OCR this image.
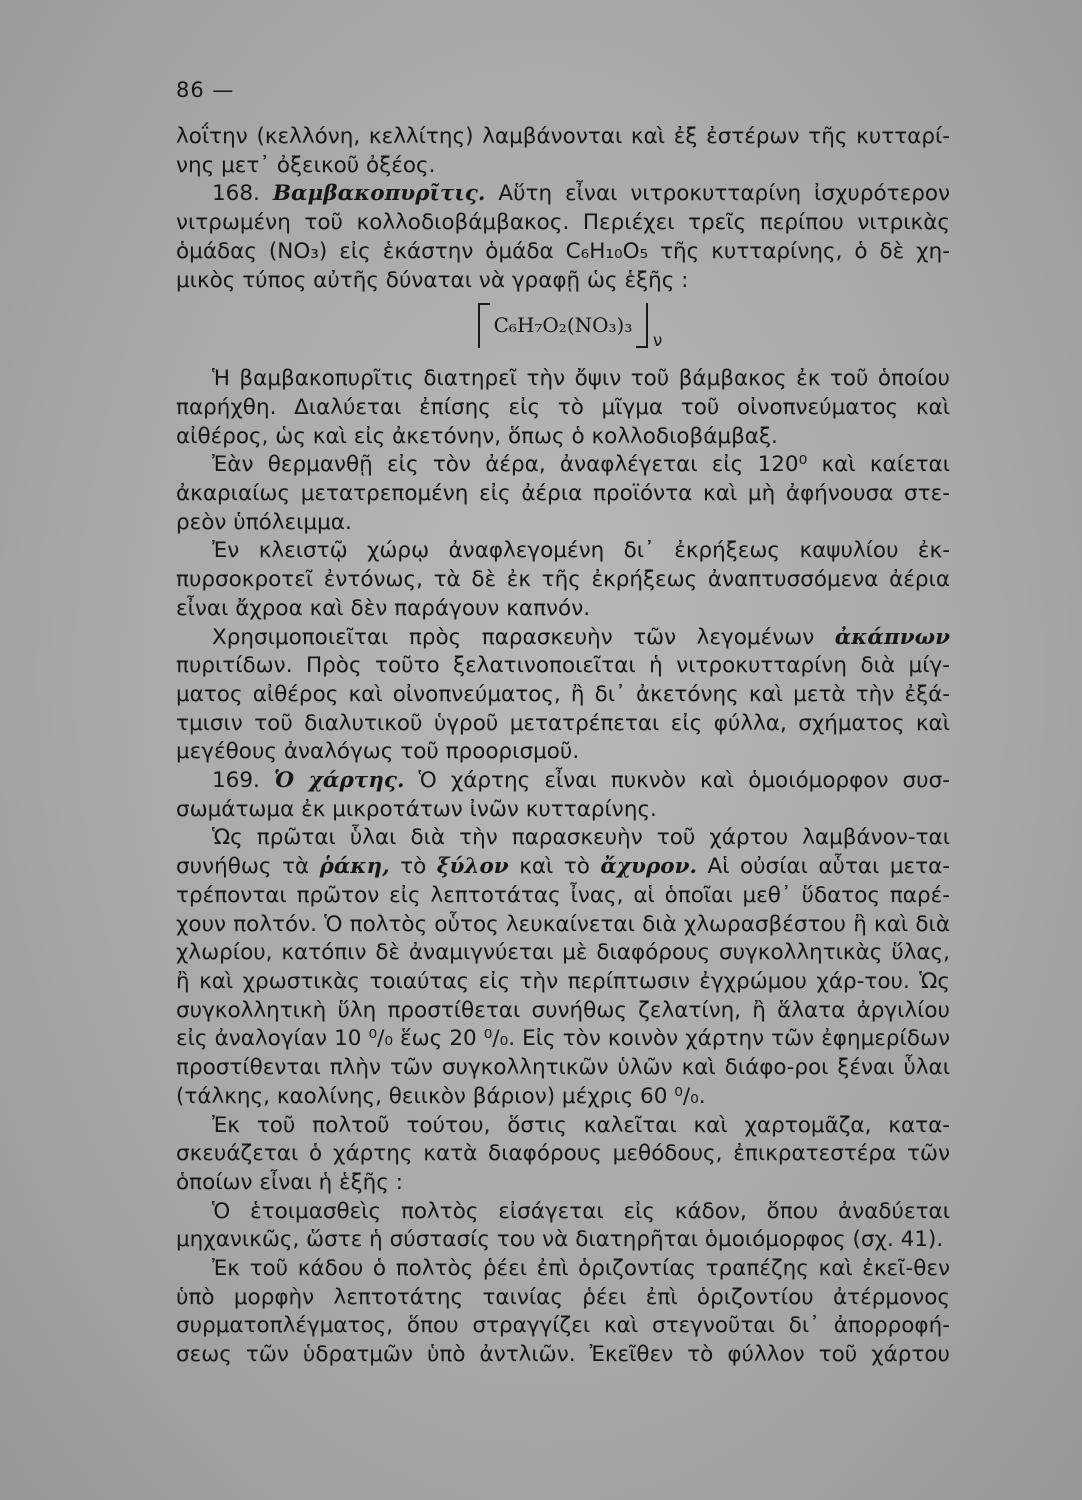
86 —

λοΐτην (κελλόνη, κελλίτης) λαμβάνονται καὶ ἐξ ἐστέρων τῆς κυτταρί-νης μετ᾽ ὀξεικοῦ ὀξέος.

168. Βαμβακοπυρῖτις. Αὕτη εἶναι νιτροκυτταρίνη ἰσχυρότερον νιτρωμένη τοῦ κολλοδιοβάμβακος. Περιέχει τρεῖς περίπου νιτρικὰς ὁμάδας (NO₃) εἰς ἑκάστην ὁμάδα C₆H₁₀O₅ τῆς κυτταρίνης, ὁ δὲ χη-μικὸς τύπος αὐτῆς δύναται νὰ γραφῇ ὡς ἑξῆς :

C₆H₇O₂(NO₃)₃
ν

Ἡ βαμβακοπυρῖτις διατηρεῖ τὴν ὄψιν τοῦ βάμβακος ἐκ τοῦ ὁποίου παρήχθη. Διαλύεται ἐπίσης εἰς τὸ μῖγμα τοῦ οἰνοπνεύματος καὶ αἰθέρος, ὡς καὶ εἰς ἀκετόνην, ὅπως ὁ κολλοδιοβάμβαξ.

Ἐὰν θερμανθῇ εἰς τὸν ἀέρα, ἀναφλέγεται εἰς 120⁰ καὶ καίεται ἀκαριαίως μετατρεπομένη εἰς ἀέρια προϊόντα καὶ μὴ ἀφήνουσα στε-ρεὸν ὑπόλειμμα.

Ἐν κλειστῷ χώρῳ ἀναφλεγομένη δι᾽ ἐκρήξεως καψυλίου ἐκ-πυρσοκροτεῖ ἐντόνως, τὰ δὲ ἐκ τῆς ἐκρήξεως ἀναπτυσσόμενα ἀέρια εἶναι ἄχροα καὶ δὲν παράγουν καπνόν.

Χρησιμοποιεῖται πρὸς παρασκευὴν τῶν λεγομένων ἀκάπνων πυριτίδων. Πρὸς τοῦτο ξελατινοποιεῖται ἡ νιτροκυτταρίνη διὰ μίγ-ματος αἰθέρος καὶ οἰνοπνεύματος, ἢ δι᾽ ἀκετόνης καὶ μετὰ τὴν ἐξά-τμισιν τοῦ διαλυτικοῦ ὑγροῦ μετατρέπεται εἰς φύλλα, σχήματος καὶ μεγέθους ἀναλόγως τοῦ προορισμοῦ.

169. Ὁ χάρτης. Ὁ χάρτης εἶναι πυκνὸν καὶ ὁμοιόμορφον συσ-σωμάτωμα ἐκ μικροτάτων ἰνῶν κυτταρίνης.

Ὡς πρῶται ὗλαι διὰ τὴν παρασκευὴν τοῦ χάρτου λαμβάνον-ται συνήθως τὰ ῥάκη, τὸ ξύλον καὶ τὸ ἄχυρον. Αἱ οὐσίαι αὗται μετα-τρέπονται πρῶτον εἰς λεπτοτάτας ἶνας, αἱ ὁποῖαι μεθ᾽ ὕδατος παρέ-χουν πολτόν. Ὁ πολτὸς οὗτος λευκαίνεται διὰ χλωρασβέστου ἢ καὶ διὰ χλωρίου, κατόπιν δὲ ἀναμιγνύεται μὲ διαφόρους συγκολλητικὰς ὕλας, ἢ καὶ χρωστικὰς τοιαύτας εἰς τὴν περίπτωσιν ἐγχρώμου χάρ-του. Ὡς συγκολλητικὴ ὕλη προστίθεται συνήθως ζελατίνη, ἢ ἅλατα ἀργιλίου εἰς ἀναλογίαν 10 ⁰/₀ ἕως 20 ⁰/₀. Εἰς τὸν κοινὸν χάρτην τῶν ἐφημερίδων προστίθενται πλὴν τῶν συγκολλητικῶν ὑλῶν καὶ διάφο-ροι ξέναι ὗλαι (τάλκης, καολίνης, θειικὸν βάριον) μέχρις 60 ⁰/₀.

Ἐκ τοῦ πολτοῦ τούτου, ὅστις καλεῖται καὶ χαρτομᾶζα, κατα-σκευάζεται ὁ χάρτης κατὰ διαφόρους μεθόδους, ἐπικρατεστέρα τῶν ὁποίων εἶναι ἡ ἑξῆς :

Ὁ ἑτοιμασθεὶς πολτὸς εἰσάγεται εἰς κάδον, ὅπου ἀναδύεται μηχανικῶς, ὥστε ἡ σύστασίς του νὰ διατηρῆται ὁμοιόμορφος (σχ. 41).

Ἐκ τοῦ κάδου ὁ πολτὸς ῥέει ἐπὶ ὁριζοντίας τραπέζης καὶ ἐκεῖ-θεν ὑπὸ μορφὴν λεπτοτάτης ταινίας ῥέει ἐπὶ ὁριζοντίου ἀτέρμονος συρματοπλέγματος, ὅπου στραγγίζει καὶ στεγνοῦται δι᾽ ἀπορροφή-σεως τῶν ὑδρατμῶν ὑπὸ ἀντλιῶν. Ἐκεῖθεν τὸ φύλλον τοῦ χάρτου
